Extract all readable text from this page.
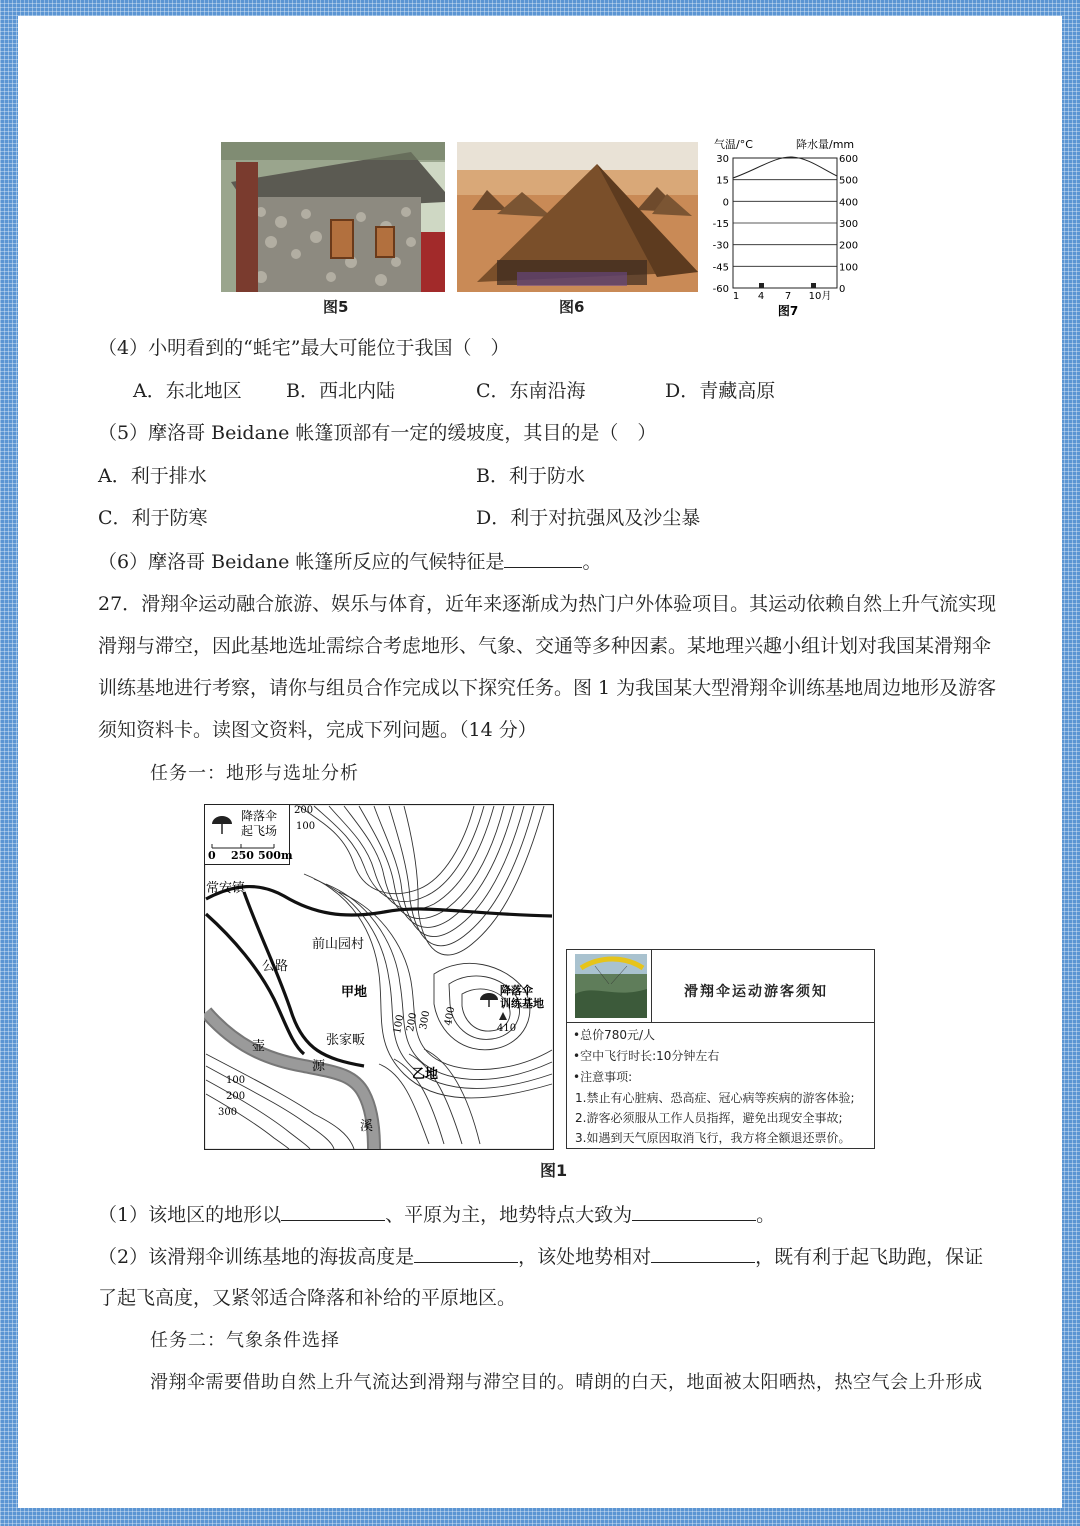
图5	图6
气温/°C	降水量/mm
30
15
0
-15
-30
-45
-60
600
500
400
300
200
100
0
1 4 7 10月
图7
（4）小明看到的“蚝宅”最大可能位于我国（　）
A．东北地区 B．西北内陆	C．东南沿海	D．青藏高原
（5）摩洛哥 Beidane 帐篷顶部有一定的缓坡度，其目的是（　）
A．利于排水	B．利于防水
C．利于防寒	D．利于对抗强风及沙尘暴
（6）摩洛哥 Beidane 帐篷所反应的气候特征是	。
27．滑翔伞运动融合旅游、娱乐与体育，近年来逐渐成为热门户外体验项目。其运动依赖自然上升气流实现
滑翔与滞空，因此基地选址需综合考虑地形、气象、交通等多种因素。某地理兴趣小组计划对我国某滑翔伞
训练基地进行考察，请你与组员合作完成以下探究任务。图 1 为我国某大型滑翔伞训练基地周边地形及游客
须知资料卡。读图文资料，完成下列问题。（14 分）
任务一：地形与选址分析
降落伞
起飞场
0 250 500m
200
100
常安镇
前山园村
公路
甲地
张家畈
乙地
壶
源
溪
降落伞
训练基地
410
100
200
300
100
200
300 400
图1
滑翔伞运动游客须知
•总价780元/人
•空中飞行时长:10分钟左右
•注意事项:
1.禁止有心脏病、恐高症、冠心病等疾病的游客体验;
2.游客必须服从工作人员指挥，避免出现安全事故;
3.如遇到天气原因取消飞行，我方将全额退还票价。
（1）该地区的地形以	、平原为主，地势特点大致为	。
（2）该滑翔伞训练基地的海拔高度是	，该处地势相对	，既有利于起飞助跑，保证
了起飞高度，又紧邻适合降落和补给的平原地区。
任务二：气象条件选择
滑翔伞需要借助自然上升气流达到滑翔与滞空目的。晴朗的白天，地面被太阳晒热，热空气会上升形成
